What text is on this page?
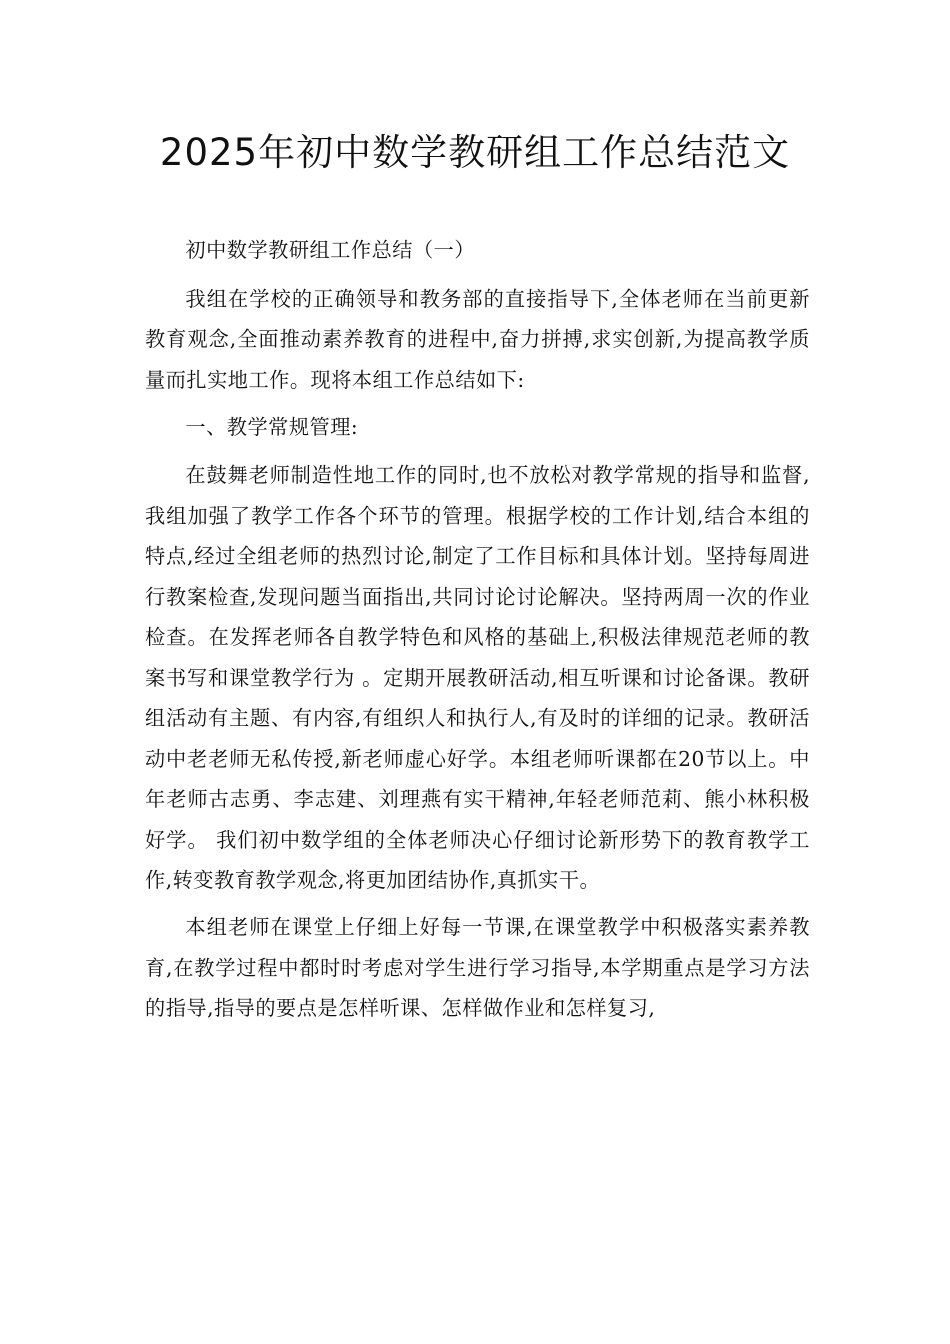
2025年初中数学教研组工作总结范文

初中数学教研组工作总结（一）

我组在学校的正确领导和教务部的直接指导下,全体老师在当前更新教育观念,全面推动素养教育的进程中,奋力拼搏,求实创新,为提高教学质量而扎实地工作。现将本组工作总结如下:

一、教学常规管理:

在鼓舞老师制造性地工作的同时,也不放松对教学常规的指导和监督,我组加强了教学工作各个环节的管理。根据学校的工作计划,结合本组的特点,经过全组老师的热烈讨论,制定了工作目标和具体计划。坚持每周进行教案检查,发现问题当面指出,共同讨论讨论解决。坚持两周一次的作业检查。在发挥老师各自教学特色和风格的基础上,积极法律规范老师的教案书写和课堂教学行为 。定期开展教研活动,相互听课和讨论备课。教研组活动有主题、有内容,有组织人和执行人,有及时的详细的记录。教研活动中老老师无私传授,新老师虚心好学。本组老师听课都在20节以上。中年老师古志勇、李志建、刘理燕有实干精神,年轻老师范莉、熊小林积极好学。 我们初中数学组的全体老师决心仔细讨论新形势下的教育教学工作,转变教育教学观念,将更加团结协作,真抓实干。

本组老师在课堂上仔细上好每一节课,在课堂教学中积极落实素养教育,在教学过程中都时时考虑对学生进行学习指导,本学期重点是学习方法的指导,指导的要点是怎样听课、怎样做作业和怎样复习,
